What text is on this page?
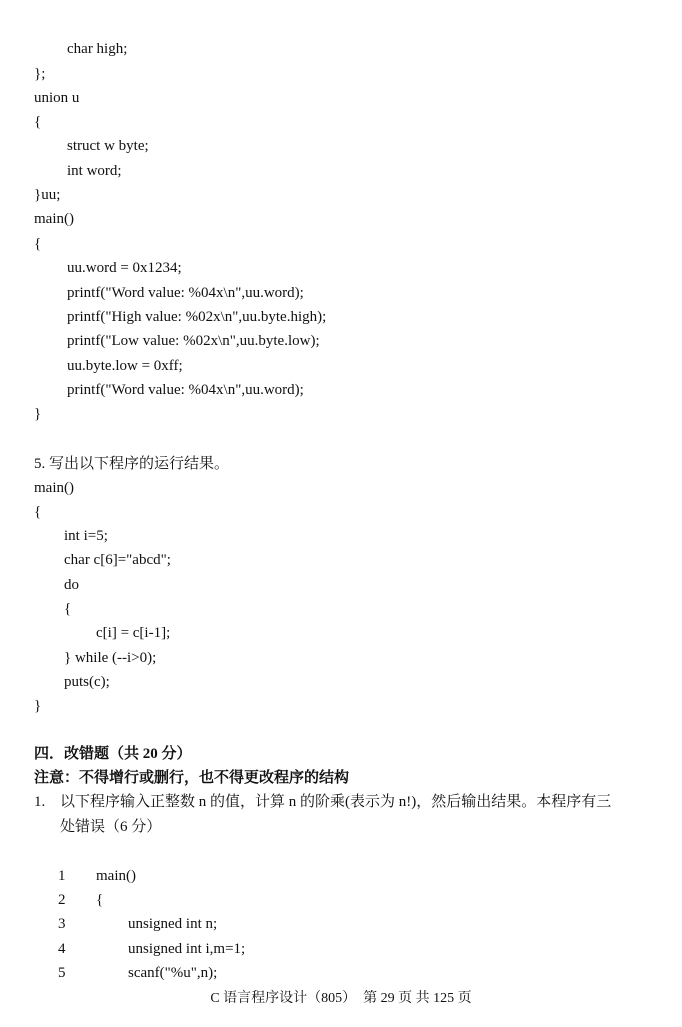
char high;
};
union u
{
struct w byte;
int word;
}uu;
main()
{
uu.word = 0x1234;
printf("Word value: %04x\n",uu.word);
printf("High value: %02x\n",uu.byte.high);
printf("Low value: %02x\n",uu.byte.low);
uu.byte.low = 0xff;
printf("Word value: %04x\n",uu.word);
}
5. 写出以下程序的运行结果。
main()
{
int i=5;
char c[6]="abcd";
do
{
c[i] = c[i-1];
} while (--i>0);
puts(c);
}
四．改错题（共 20 分）
注意：不得增行或删行，也不得更改程序的结构
1. 以下程序输入正整数 n 的值，计算 n 的阶乘(表示为 n!)，然后输出结果。本程序有三
处错误（6 分）
1 main()
2 {
3	unsigned int n;
4	unsigned int i,m=1;
5	scanf("%u",n);
C 语言程序设计（805）　第 29 页 共 125 页
